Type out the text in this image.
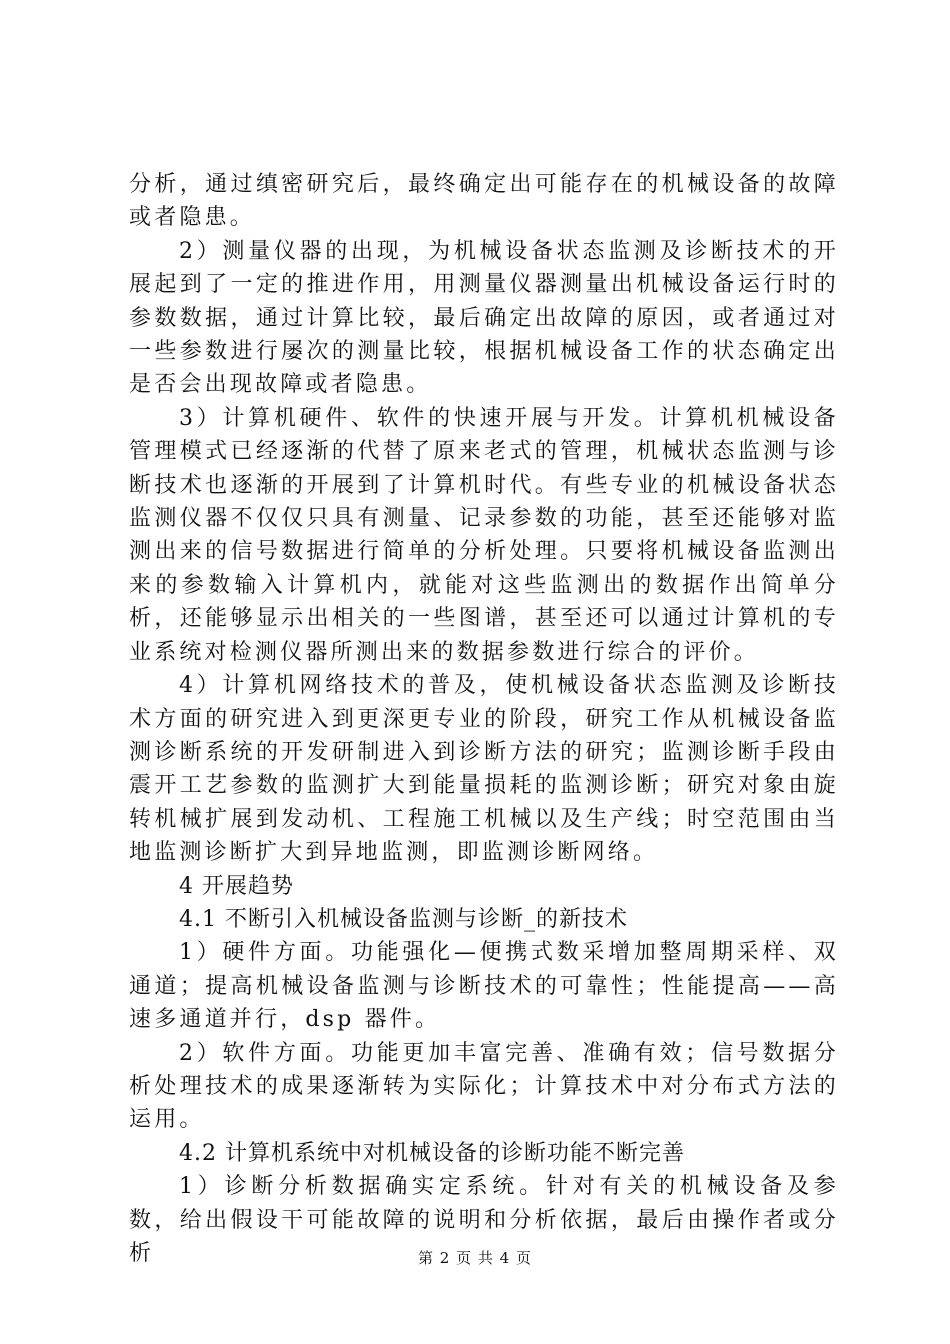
分析，通过缜密研究后，最终确定出可能存在的机械设备的故障或者隐患。

2）测量仪器的出现，为机械设备状态监测及诊断技术的开展起到了一定的推进作用，用测量仪器测量出机械设备运行时的参数数据，通过计算比较，最后确定出故障的原因，或者通过对一些参数进行屡次的测量比较，根据机械设备工作的状态确定出是否会出现故障或者隐患。

3）计算机硬件、软件的快速开展与开发。计算机机械设备管理模式已经逐渐的代替了原来老式的管理，机械状态监测与诊断技术也逐渐的开展到了计算机时代。有些专业的机械设备状态监测仪器不仅仅只具有测量、记录参数的功能，甚至还能够对监测出来的信号数据进行简单的分析处理。只要将机械设备监测出来的参数输入计算机内，就能对这些监测出的数据作出简单分析，还能够显示出相关的一些图谱，甚至还可以通过计算机的专业系统对检测仪器所测出来的数据参数进行综合的评价。

4）计算机网络技术的普及，使机械设备状态监测及诊断技术方面的研究进入到更深更专业的阶段，研究工作从机械设备监测诊断系统的开发研制进入到诊断方法的研究；监测诊断手段由震开工艺参数的监测扩大到能量损耗的监测诊断；研究对象由旋转机械扩展到发动机、工程施工机械以及生产线；时空范围由当地监测诊断扩大到异地监测，即监测诊断网络。

4 开展趋势

4.1 不断引入机械设备监测与诊断_的新技术

1）硬件方面。功能强化—便携式数采增加整周期采样、双通道；提高机械设备监测与诊断技术的可靠性；性能提高——高速多通道并行，dsp 器件。

2）软件方面。功能更加丰富完善、准确有效；信号数据分析处理技术的成果逐渐转为实际化；计算技术中对分布式方法的运用。

4.2 计算机系统中对机械设备的诊断功能不断完善

1）诊断分析数据确实定系统。针对有关的机械设备及参数，给出假设干可能故障的说明和分析依据，最后由操作者或分析	第 2 页 共 4 页
